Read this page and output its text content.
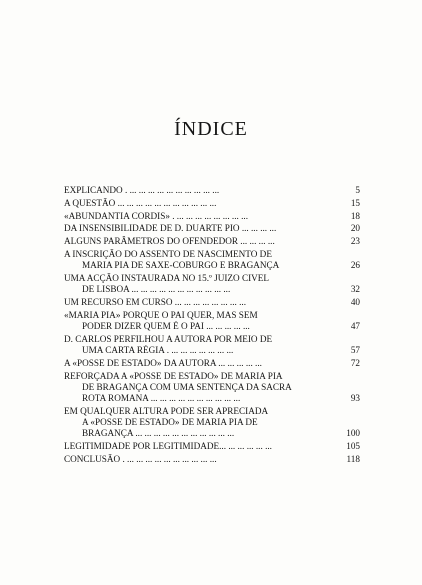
ÍNDICE
EXPLICANDO . ... ... ... ... ... ... ... ... ... ...	5
A QUESTÃO ... ... ... ... ... ... ... ... ... ... ...	15
«ABUNDANTIA CORDIS» . ... ... ... ... ... ... ... ...	18
DA INSENSIBILIDADE DE D. DUARTE PIO ... ... ... ...	20
ALGUNS PARÂMETROS DO OFENDEDOR ... ... ... ...	23
A INSCRIÇÃO DO ASSENTO DE NASCIMENTO DE
MARIA PIA DE SAXE-COBURGO E BRAGANÇA	26
UMA ACÇÃO INSTAURADA NO 15.º JUIZO CIVEL
DE LISBOA ... ... ... ... ... ... ... ... ... ... ...	32
UM RECURSO EM CURSO ... ... ... ... ... ... ... ...	40
«MARIA PIA» PORQUE O PAI QUER, MAS SEM
PODER DIZER QUEM É O PAI ... ... ... ... ...	47
D. CARLOS PERFILHOU A AUTORA POR MEIO DE
UMA CARTA RÉGIA . ... ... ... ... ... ... ...	57
A «POSSE DE ESTADO» DA AUTORA ... ... ... ... ...	72
REFORÇADA A «POSSE DE ESTADO» DE MARIA PIA
DE BRAGANÇA COM UMA SENTENÇA DA SACRA
ROTA ROMANA ... ... ... ... ... ... ... ... ... ...	93
EM QUALQUER ALTURA PODE SER APRECIADA
A «POSSE DE ESTADO» DE MARIA PIA DE
BRAGANÇA ... ... ... ... ... ... ... ... ... ... ...	100
LEGITIMIDADE POR LEGITIMIDADE... ... ... ... ... ...	105
CONCLUSÃO . ... ... ... ... ... ... ... ... ... ...	118
